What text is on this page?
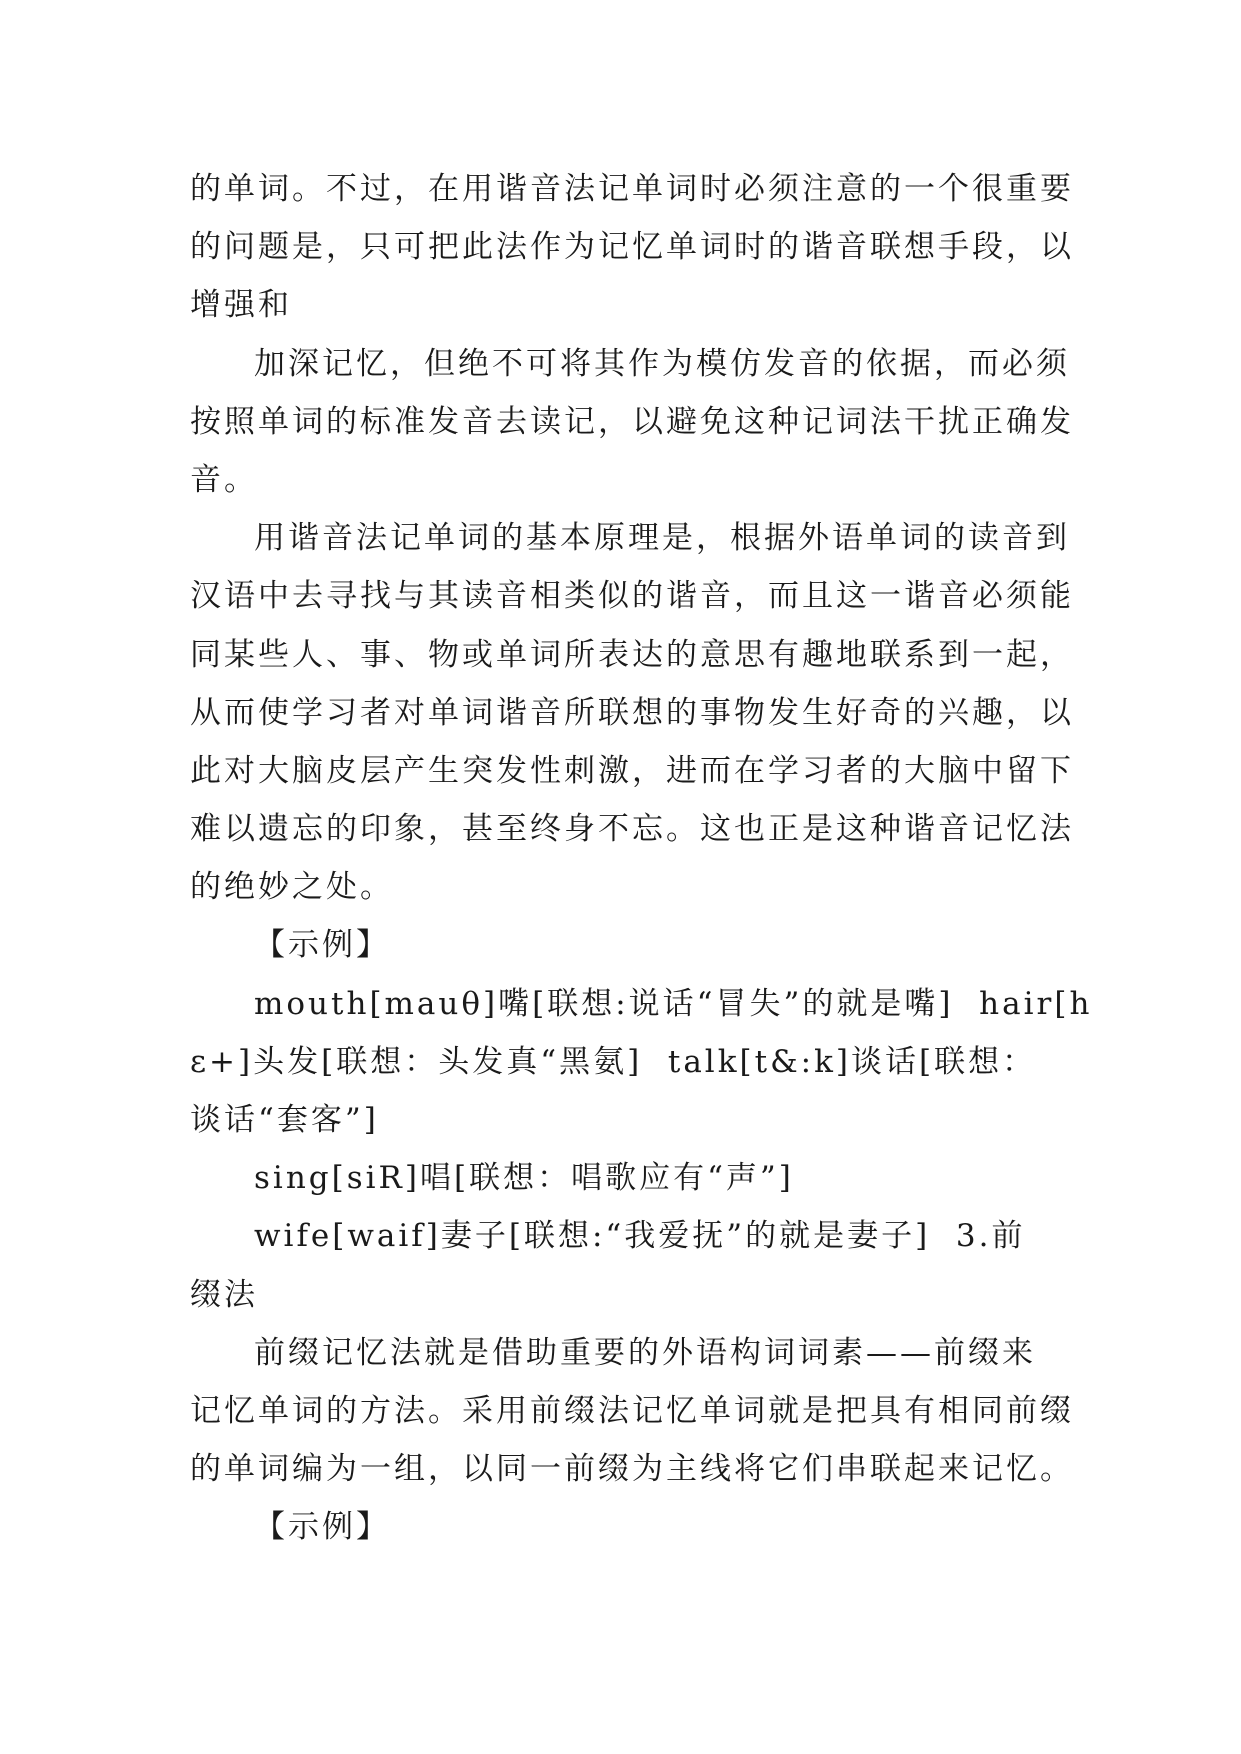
的单词。不过，在用谐音法记单词时必须注意的一个很重要
的问题是，只可把此法作为记忆单词时的谐音联想手段，以
增强和
加深记忆，但绝不可将其作为模仿发音的依据，而必须
按照单词的标准发音去读记，以避免这种记词法干扰正确发
音。
用谐音法记单词的基本原理是，根据外语单词的读音到
汉语中去寻找与其读音相类似的谐音，而且这一谐音必须能
同某些人、事、物或单词所表达的意思有趣地联系到一起，
从而使学习者对单词谐音所联想的事物发生好奇的兴趣，以
此对大脑皮层产生突发性刺激，进而在学习者的大脑中留下
难以遗忘的印象，甚至终身不忘。这也正是这种谐音记忆法
的绝妙之处。
【示例】
mouth[mauθ]嘴[联想:说话“冒失”的就是嘴]  hair[h
ε+]头发[联想：头发真“黑氨]  talk[t&:k]谈话[联想：
谈话“套客”]
sing[siR]唱[联想：唱歌应有“声”]
wife[waif]妻子[联想:“我爱抚”的就是妻子]  3.前
缀法
前缀记忆法就是借助重要的外语构词词素——前缀来
记忆单词的方法。采用前缀法记忆单词就是把具有相同前缀
的单词编为一组，以同一前缀为主线将它们串联起来记忆。
【示例】
